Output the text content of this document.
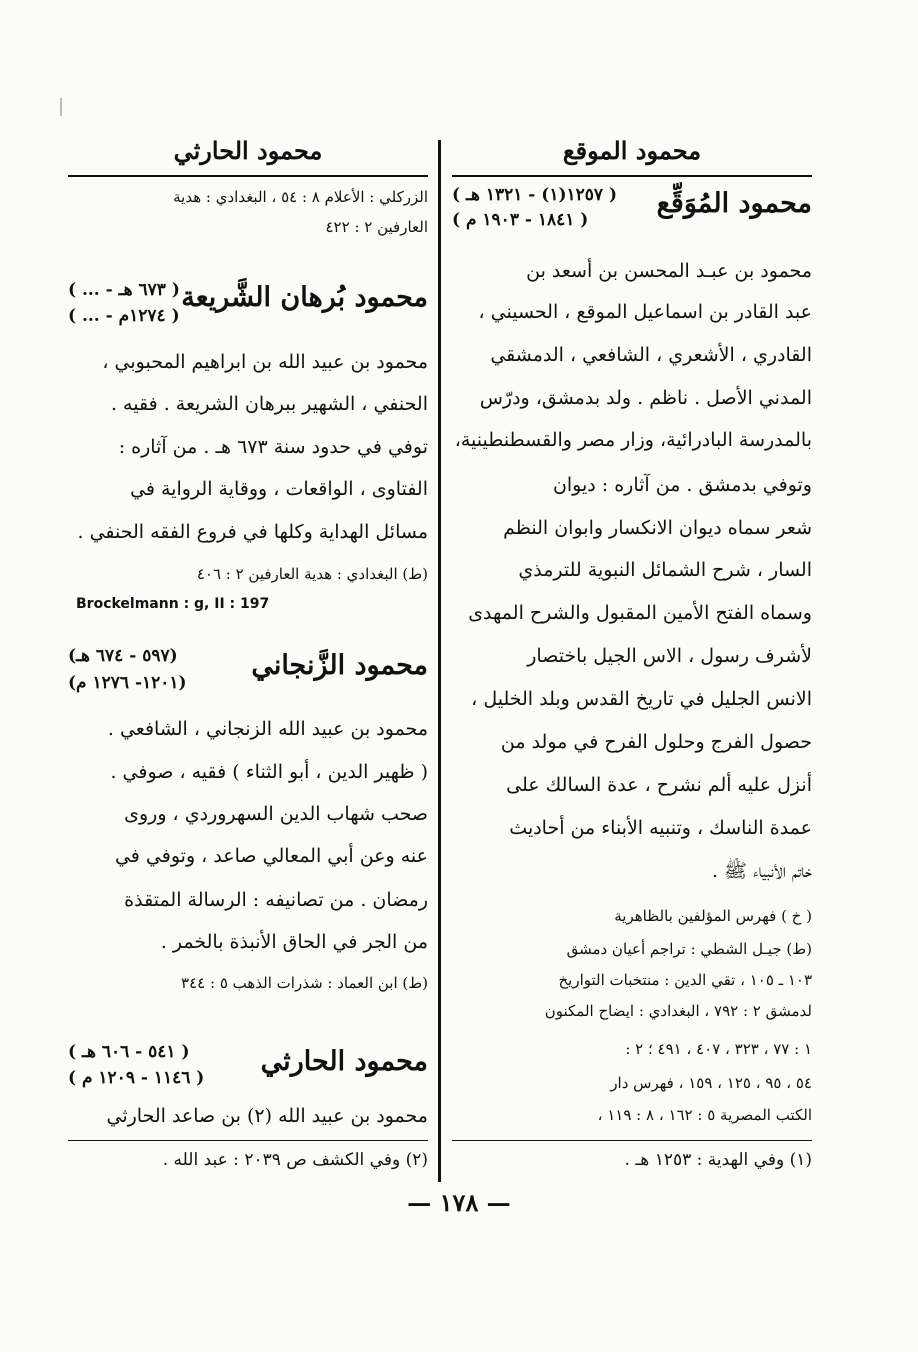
محمود الموقع
محمود المُوَقِّع
( ١٢٥٧(١) - ١٣٢١ هـ )
( ١٨٤١ - ١٩٠٣ م )
محمود بن عبـد المحسن بن أسعد بن
عبد القادر بن اسماعيل الموقع ، الحسيني ،
القادري ، الأشعري ، الشافعي ، الدمشقي
المدني الأصل . ناظم . ولد بدمشق، ودرّس
بالمدرسة البادرائية، وزار مصر والقسطنطينية،
وتوفي بدمشق . من آثاره : ديوان
شعر سماه ديوان الانكسار وابوان النظم
السار ، شرح الشمائل النبوية للترمذي
وسماه الفتح الأمين المقبول والشرح المهدى
لأشرف رسول ، الاس الجيل باختصار
الانس الجليل في تاريخ القدس وبلد الخليل ،
حصول الفرج وحلول الفرح في مولد من
أنزل عليه ألم نشرح ، عدة السالك على
عمدة الناسك ، وتنبيه الأبناء من أحاديث
خاتم الأنبياء ﷺ .
( خ ) فهرس المؤلفين بالظاهرية
(ط) جيـل الشطي : تراجم أعيان دمشق
١٠٣ ـ ١٠٥ ، تقي الدين : منتخبات التواريخ
لدمشق ٢ : ٧٩٢ ، البغدادي : ايضاح المكنون
١ : ٧٧ ، ٣٢٣ ، ٤٠٧ ، ٤٩١ ؛ ٢ :
٥٤ ، ٩٥ ، ١٢٥ ، ١٥٩ ، فهرس دار
الكتب المصرية ٥ : ١٦٢ ، ٨ : ١١٩ ،
(١) وفي الهدية : ١٢٥٣ هـ .
محمود الحارثي
الزركلي : الأعلام ٨ : ٥٤ ، البغدادي : هدية
العارفين ٢ : ٤٢٢
محمود بُرهان الشَّريعة
( ... - ٦٧٣ هـ )
( ... - ١٢٧٤م )
محمود بن عبيد الله بن ابراهيم المحبوبي ،
الحنفي ، الشهير ببرهان الشريعة . فقيه .
توفي في حدود سنة ٦٧٣ هـ . من آثاره :
الفتاوى ، الواقعات ، ووقاية الرواية في
مسائل الهداية وكلها في فروع الفقه الحنفي .
(ط) البغدادي : هدية العارفين ٢ : ٤٠٦
Brockelmann : g, II : 197
محمود الزَّنجاني
(٥٩٧ - ٦٧٤ هـ)
(١٢٠١- ١٢٧٦ م)
محمود بن عبيد الله الزنجاني ، الشافعي .
( ظهير الدين ، أبو الثناء ) فقيه ، صوفي .
صحب شهاب الدين السهروردي ، وروى
عنه وعن أبي المعالي صاعد ، وتوفي في
رمضان . من تصانيفه : الرسالة المتقذة
من الجر في الحاق الأنبذة بالخمر .
(ط) ابن العماد : شذرات الذهب ٥ : ٣٤٤
محمود الحارثي
( ٥٤١ - ٦٠٦ هـ )
( ١١٤٦ - ١٢٠٩ م )
محمود بن عبيد الله (٢) بن صاعد الحارثي
(٢) وفي الكشف ص ٢٠٣٩ : عبد الله .
— ١٧٨ —
